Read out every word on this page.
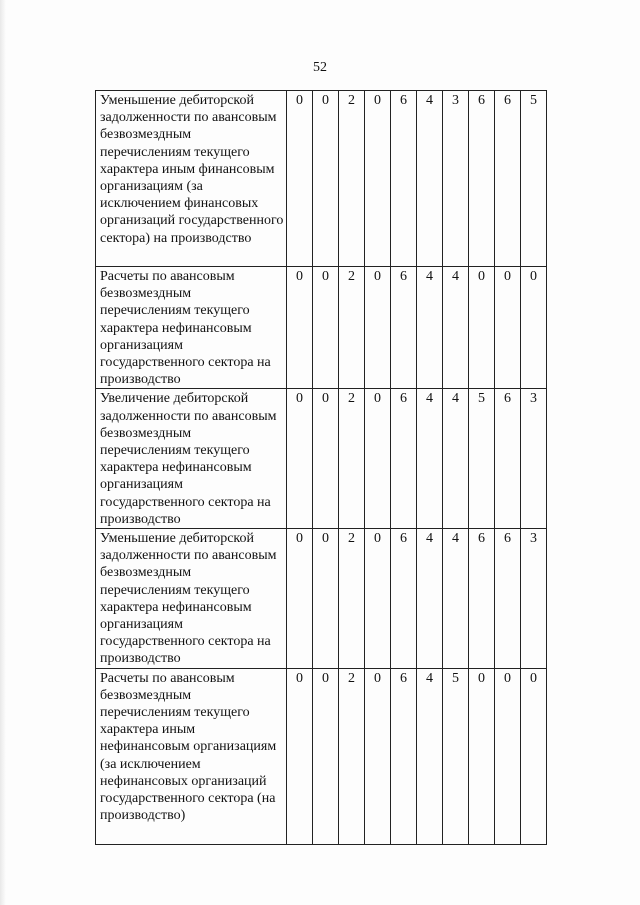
52
Уменьшение дебиторской задолженности по авансовым безвозмездным перечислениям текущего характера иным финансовым организациям (за исключением финансовых организаций государственного сектора) на производство	0	0	2	0	6	4	3	6	6	5
Расчеты по авансовым безвозмездным перечислениям текущего характера нефинансовым организациям государственного сектора на производство	0	0	2	0	6	4	4	0	0	0
Увеличение дебиторской задолженности по авансовым безвозмездным перечислениям текущего характера нефинансовым организациям государственного сектора на производство	0	0	2	0	6	4	4	5	6	3
Уменьшение дебиторской задолженности по авансовым безвозмездным перечислениям текущего характера нефинансовым организациям государственного сектора на производство	0	0	2	0	6	4	4	6	6	3
Расчеты по авансовым безвозмездным перечислениям текущего характера иным нефинансовым организациям (за исключением нефинансовых организаций государственного сектора (на производство)	0	0	2	0	6	4	5	0	0	0
